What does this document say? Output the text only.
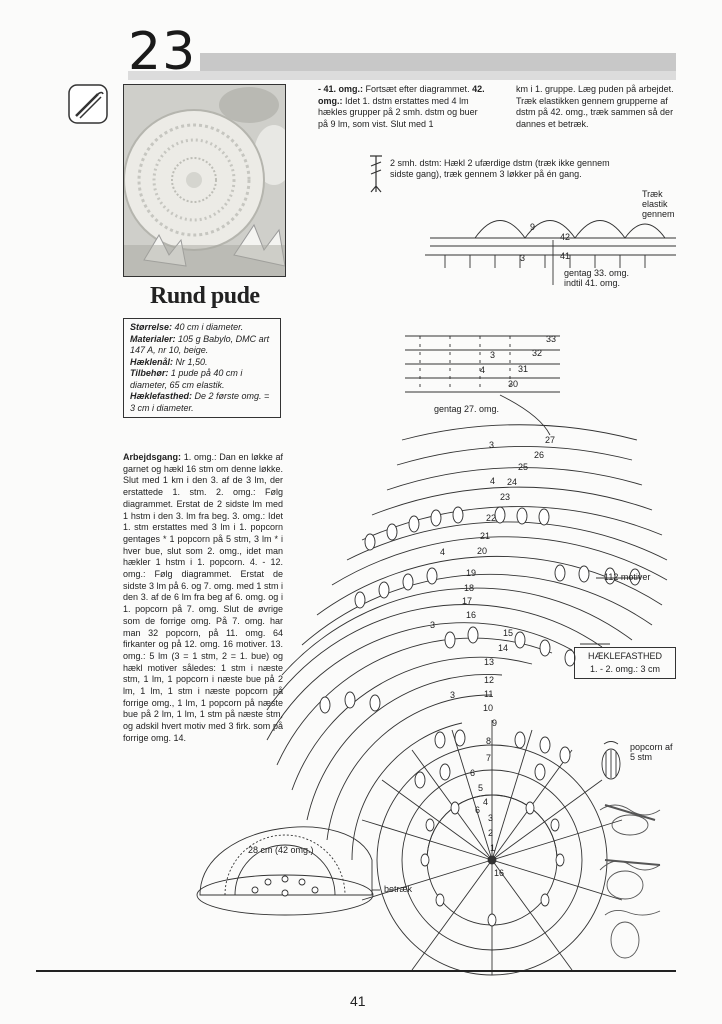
23
Rund pude
Størrelse: 40 cm i diameter.
Materialer: 105 g Babylo, DMC art 147 A, nr 10, beige.
Hæklenål: Nr 1,50.
Tilbehør: 1 pude på 40 cm i diameter, 65 cm elastik.
Hæklefasthed: De 2 første omg. = 3 cm i diameter.
Arbejdsgang: 1. omg.: Dan en løkke af garnet og hækl 16 stm om denne løkke. Slut med 1 km i den 3. af de 3 lm, der erstattede 1. stm. 2. omg.: Følg diagrammet. Erstat de 2 sidste lm med 1 hstm i den 3. lm fra beg. 3. omg.: Idet 1. stm erstattes med 3 lm i 1. popcorn gentages * 1 popcorn på 5 stm, 3 lm * i hver bue, slut som 2. omg., idet man hækler 1 hstm i 1. popcorn. 4. - 12. omg.: Følg diagrammet. Erstat de sidste 3 lm på 6. og 7. omg. med 1 stm i den 3. af de 6 lm fra beg af 6. omg. og i 1. popcorn på 7. omg. Slut de øvrige som de forrige omg. På 7. omg. har man 32 popcorn, på 11. omg. 64 firkanter og på 12. omg. 16 motiver. 13. omg.: 5 lm (3 = 1 stm, 2 = 1. bue) og hækl motiver således: 1 stm i næste stm, 1 lm, 1 popcorn i næste bue på 2 lm, 1 lm, 1 stm i næste popcorn på forrige omg., 1 lm, 1 popcorn på næste bue på 2 lm, 1 lm, 1 stm på næste stm, og adskil hvert motiv med 3 firk. som på forrige omg. 14.
- 41. omg.: Fortsæt efter diagrammet. 42. omg.: Idet 1. dstm erstattes med 4 lm hækles grupper på 2 smh. dstm og buer på 9 lm, som vist. Slut med 1
km i 1. gruppe. Læg puden på arbejdet. Træk elastikken gennem grupperne af dstm på 42. omg., træk sammen så der dannes et betræk.
2 smh. dstm: Hækl 2 ufærdige dstm (træk ikke gennem sidste gang), træk gennem 3 løkker på én gang.
Træk elastik gennem
gentag 33. omg. indtil 41. omg.
gentag 27. omg.
112 motiver
28 cm (42 omg.)
betræk
popcorn af 5 stm
42
41
33
32
31
30
27
26
25
24
23
22
21
20
19
18
17
16
15
14
13
12
11
10
9
8
7
6
5
4
3
2
1
9
3
3
4
3
4
4
3
3
6
16
HÆKLEFASTHED
1. - 2. omg.: 3 cm
41
